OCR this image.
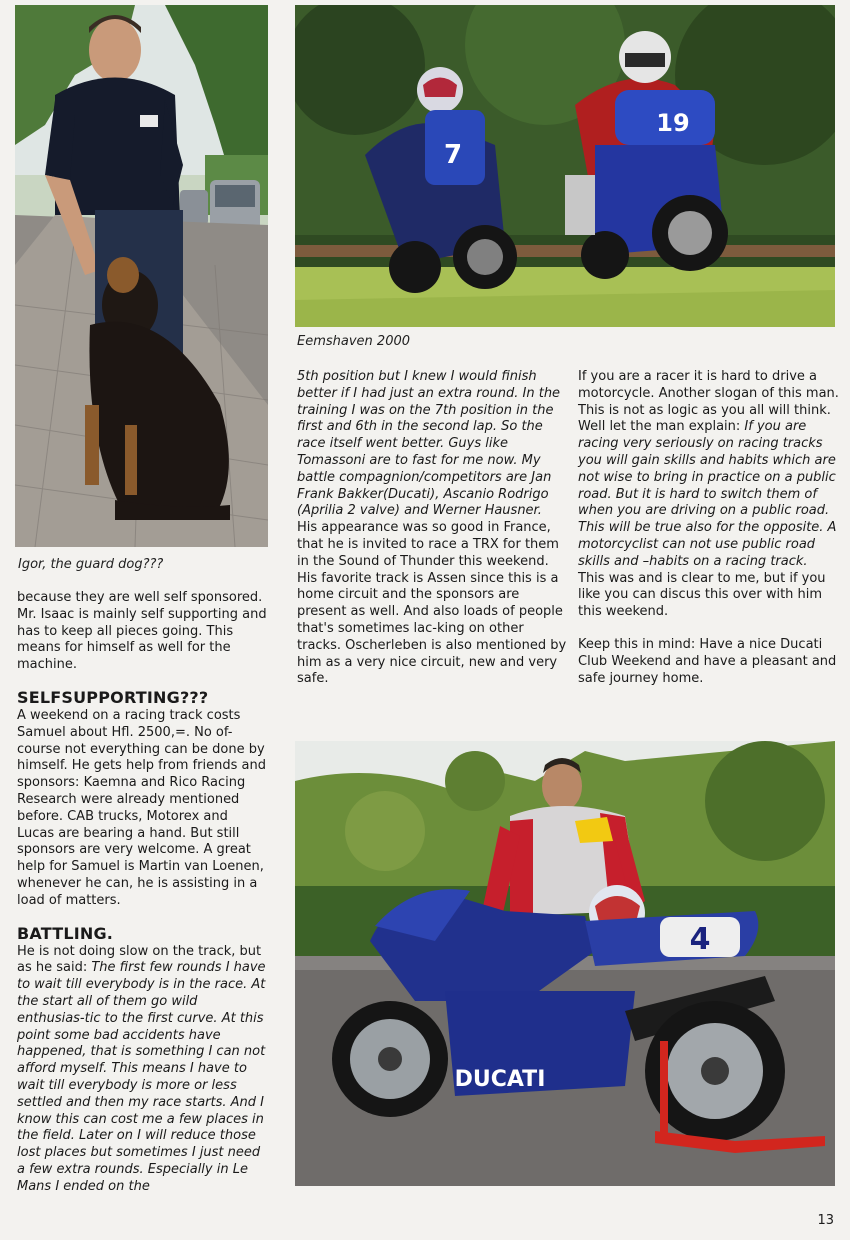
Igor, the guard dog???
7
19
Eemshaven 2000
4
DUCATI

because they are well self sponsored. Mr. Isaac is mainly self supporting and has to keep all pieces going. This means for himself as well for the machine.

SELFSUPPORTING???

A weekend on a racing track costs Samuel about Hfl. 2500,=. No of-course not everything can be done by himself. He gets help from friends and sponsors: Kaemna and Rico Racing Research were already mentioned before. CAB trucks, Motorex and Lucas are bearing a hand. But still sponsors are very welcome. A great help for Samuel is Martin van Loenen, whenever he can, he is assisting in a load of matters.

BATTLING.

He is not doing slow on the track, but as he said: The first few rounds I have to wait till everybody is in the race. At the start all of them go wild enthusias-tic to the first curve. At this point some bad accidents have happened, that is something I can not afford myself. This means I have to wait till everybody is more or less settled and then my race starts. And I know this can cost me a few places in the field. Later on I will reduce those lost places but sometimes I just need a few extra rounds. Especially in Le Mans I ended on the

5th position but I knew I would finish better if I had just an extra round. In the training I was on the 7th position in the first and 6th in the second lap. So the race itself went better. Guys like Tomassoni are to fast for me now. My battle compagnion/competitors are Jan Frank Bakker(Ducati), Ascanio Rodrigo (Aprilia 2 valve) and Werner Hausner.

His appearance was so good in France, that he is invited to race a TRX for them in the Sound of Thunder this weekend. His favorite track is Assen since this is a home circuit and the sponsors are present as well. And also loads of people that's sometimes lac-king on other tracks. Oscherleben is also mentioned by him as a very nice circuit, new and very safe.

If you are a racer it is hard to drive a motorcycle. Another slogan of this man. This is not as logic as you all will think. Well let the man explain: If you are racing very seriously on racing tracks you will gain skills and habits which are not wise to bring in practice on a public road. But it is hard to switch them of when you are driving on a public road. This will be true also for the opposite. A motorcyclist can not use public road skills and –habits on a racing track.

This was and is clear to me, but if you like you can discus this over with him this weekend.

Keep this in mind: Have a nice Ducati Club Weekend and have a pleasant and safe journey home.

13
